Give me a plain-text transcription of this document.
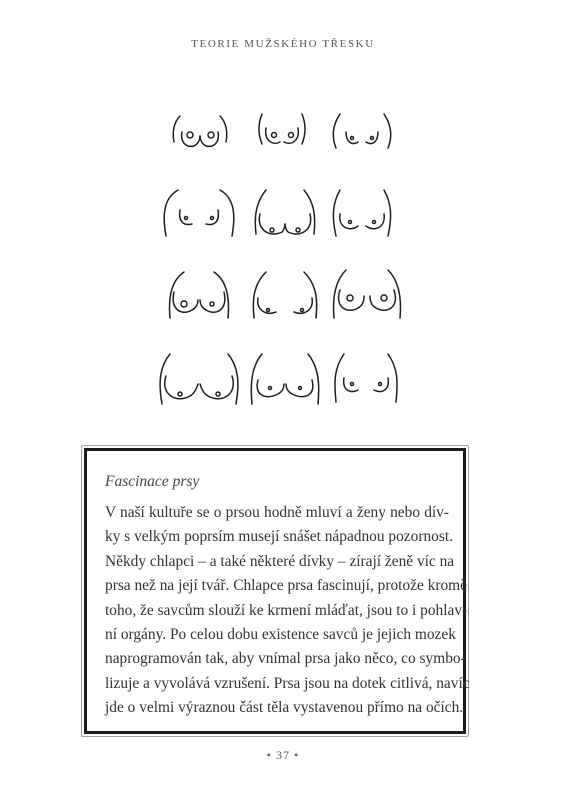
TEORIE MUŽSKÉHO TŘESKU
Fascinace prsy
V naší kultuře se o prsou hodně mluví a ženy nebo dív-
ky s velkým poprsím musejí snášet nápadnou pozornost.
Někdy chlapci – a také některé dívky – zírají ženě víc na
prsa než na její tvář. Chlapce prsa fascinují, protože kromě
toho, že savcům slouží ke krmení mláďat, jsou to i pohlav-
ní orgány. Po celou dobu existence savců je jejich mozek
naprogramován tak, aby vnímal prsa jako něco, co symbo-
lizuje a vyvolává vzrušení. Prsa jsou na dotek citlivá, navíc
jde o velmi výraznou část těla vystavenou přímo na očích.
• 37 •
